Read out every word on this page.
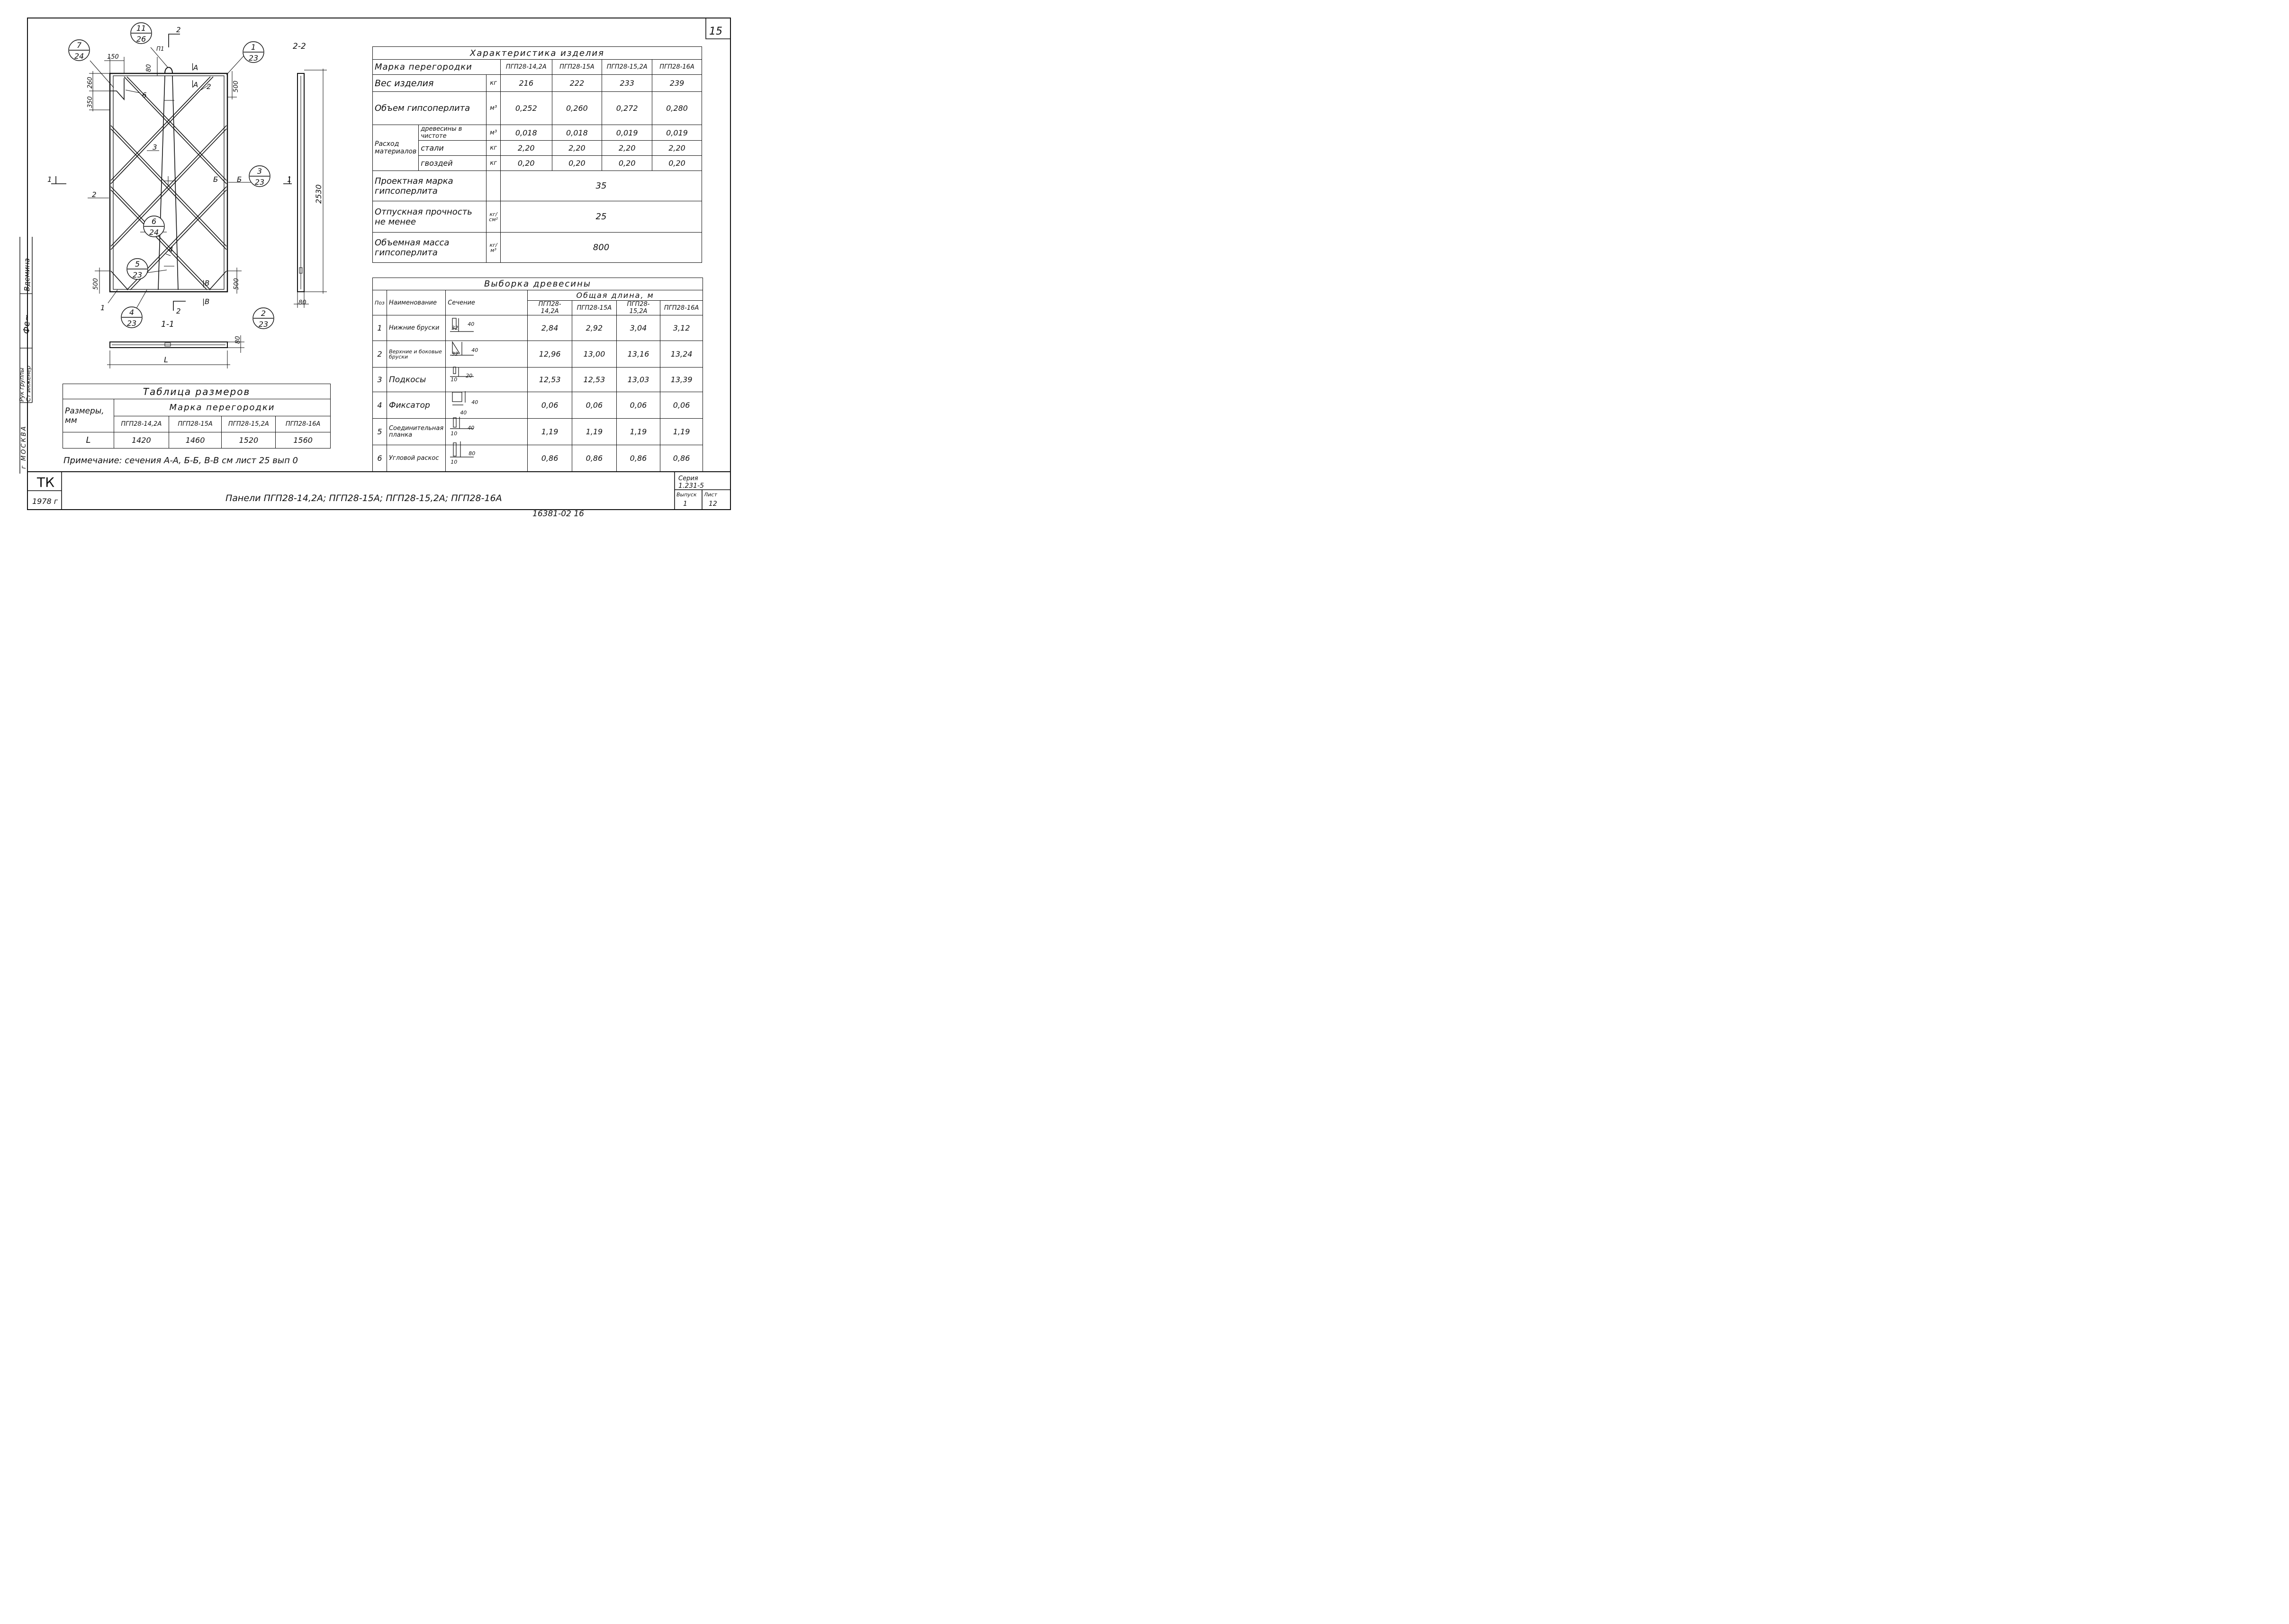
7
24
11
26
1
23
3
23
6
24
5
23
4
23
2
23
150
260
350
80
500
500	500
2530
80
80
L
П1
A
|
A
|
Б	Б
В
|
В
|
2
2
1	1
2-2
1-1
1
2
2
3
4
6
Вдемина
Фе~
Рук группы Ст инженер
г МОСКВА
15
ТК
1978 г	Панели ПГП28-14,2А; ПГП28-15А; ПГП28-15,2А; ПГП28-16А
Серия
1.231-5
Выпуск
1
Лист
12
16381-02 16
Примечание: сечения А-А, Б-Б, В-В см лист 25 вып 0
Характеристика изделия						
Марка перегородки			ПГП28-14,2А	ПГП28-15А	ПГП28-15,2А	ПГП28-16А
Вес изделия		кг	216	222	233	239
Объем гипсоперлита		м³	0,252	0,260	0,272	0,280
Расход материалов	древесины в чистоте	м³	0,018	0,018	0,019	0,019
	стали	кг	2,20	2,20	2,20	2,20
	гвоздей	кг	0,20	0,20	0,20	0,20
Проектная марка гипсоперлита			35			
Отпускная прочность не менее		кг/см²	25			
Объемная масса гипсоперлита		кг/м³	800			
Выборка древесины						
Поз	Наименование	Сечение	Общая длина, м			
			ПГП28-14,2А	ПГП28-15А	ПГП28-15,2А	ПГП28-16А
1	Нижние бруски	$32^{40}$	2,84	2,92	3,04	3,12
2	Верхние и боковые бруски	$32^{40}$	12,96	13,00	13,16	13,24
3	Подкосы	$10^{20}$	12,53	12,53	13,03	13,39
4	Фиксатор	$_{40}^{40}$	0,06	0,06	0,06	0,06
5	Соединительная планка	$_{10}^{40}$	1,19	1,19	1,19	1,19
6	Угловой раскос	$_{10}^{80}$	0,86	0,86	0,86	0,86
Таблица размеров				
Размеры, мм	Марка перегородки			
	ПГП28-14,2А	ПГП28-15А	ПГП28-15,2А	ПГП28-16А
L	1420	1460	1520	1560
